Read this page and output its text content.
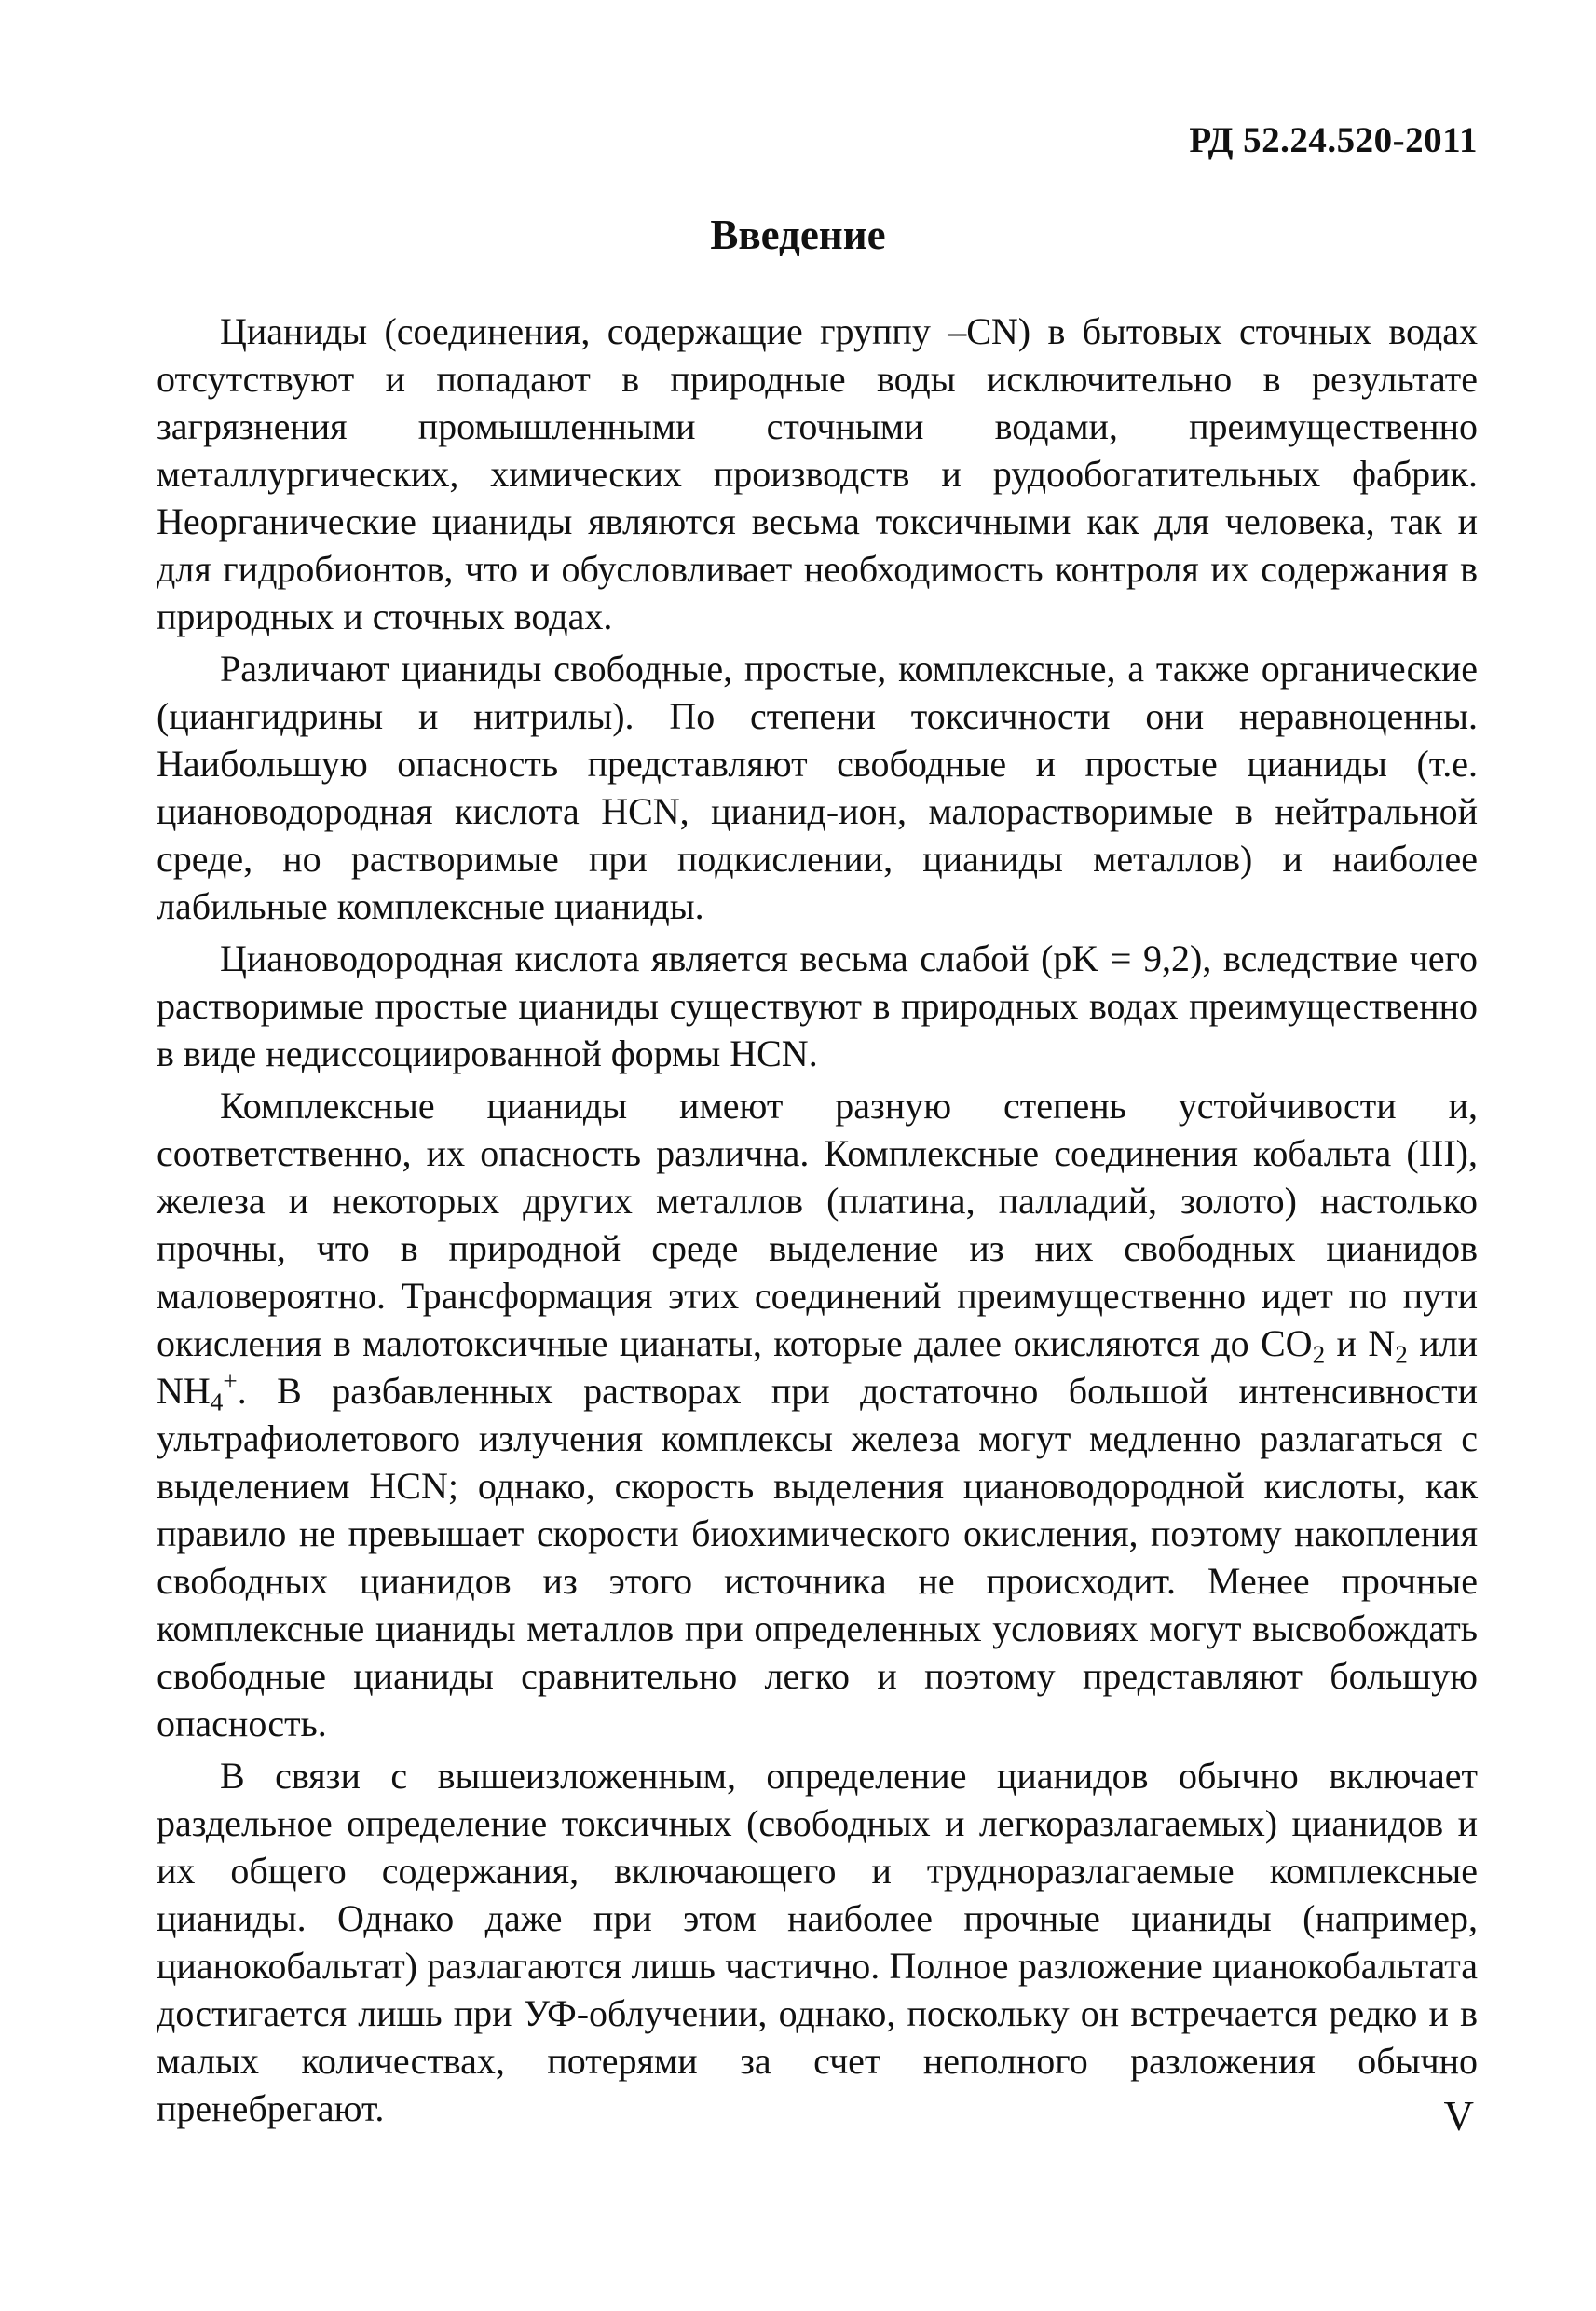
РД 52.24.520-2011
Введение

Цианиды (соединения, содержащие группу –CN) в бытовых сточных водах отсутствуют и попадают в природные воды исключительно в результате загрязнения промышленными сточными водами, преимущественно металлургических, химических производств и рудообогатительных фабрик. Неорганические цианиды являются весьма токсичными как для человека, так и для гидробионтов, что и обусловливает необходимость контроля их содержания в природных и сточных водах.

Различают цианиды свободные, простые, комплексные, а также органические (циангидрины и нитрилы). По степени токсичности они неравноценны. Наибольшую опасность представляют свободные и простые цианиды (т.е. циановодородная кислота HCN, цианид-ион, малорастворимые в нейтральной среде, но растворимые при подкислении, цианиды металлов) и наиболее лабильные комплексные цианиды.

Циановодородная кислота является весьма слабой (pK = 9,2), вследствие чего растворимые простые цианиды существуют в природных водах преимущественно в виде недиссоциированной формы HCN.

Комплексные цианиды имеют разную степень устойчивости и, соответственно, их опасность различна. Комплексные соединения кобальта (III), железа и некоторых других металлов (платина, палладий, золото) настолько прочны, что в природной среде выделение из них свободных цианидов маловероятно. Трансформация этих соединений преимущественно идет по пути окисления в малотоксичные цианаты, которые далее окисляются до $CO_2$ и $N_2$ или $NH_4^+$. В разбавленных растворах при достаточно большой интенсивности ультрафиолетового излучения комплексы железа могут медленно разлагаться с выделением HCN; однако, скорость выделения циановодородной кислоты, как правило не превышает скорости биохимического окисления, поэтому накопления свободных цианидов из этого источника не происходит. Менее прочные комплексные цианиды металлов при определенных условиях могут высвобождать свободные цианиды сравнительно легко и поэтому представляют большую опасность.

В связи с вышеизложенным, определение цианидов обычно включает раздельное определение токсичных (свободных и легкоразлагаемых) цианидов и их общего содержания, включающего и трудноразлагаемые комплексные цианиды. Однако даже при этом наиболее прочные цианиды (например, цианокобальтат) разлагаются лишь частично. Полное разложение цианокобальтата достигается лишь при УФ-облучении, однако, поскольку он встречается редко и в малых количествах, потерями за счет неполного разложения обычно пренебрегают.	V
